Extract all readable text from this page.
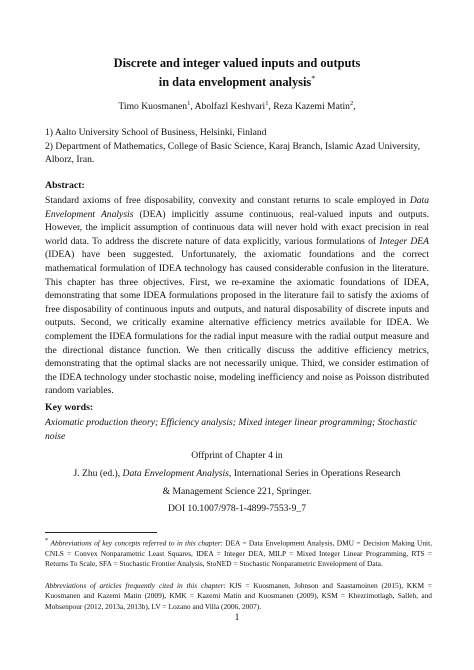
Discrete and integer valued inputs and outputs
in data envelopment analysis*
Timo Kuosmanen$^1$, Abolfazl Keshvari$^1$, Reza Kazemi Matin$^2$,
1) Aalto University School of Business, Helsinki, Finland
2) Department of Mathematics, College of Basic Science, Karaj Branch, Islamic Azad University, Alborz, Iran.
Abstract:
Standard axioms of free disposability, convexity and constant returns to scale employed in Data Envelopment Analysis (DEA) implicitly assume continuous, real-valued inputs and outputs. However, the implicit assumption of continuous data will never hold with exact precision in real world data. To address the discrete nature of data explicitly, various formulations of Integer DEA (IDEA) have been suggested. Unfortunately, the axiomatic foundations and the correct mathematical formulation of IDEA technology has caused considerable confusion in the literature. This chapter has three objectives. First, we re-examine the axiomatic foundations of IDEA, demonstrating that some IDEA formulations proposed in the literature fail to satisfy the axioms of free disposability of continuous inputs and outputs, and natural disposability of discrete inputs and outputs. Second, we critically examine alternative efficiency metrics available for IDEA. We complement the IDEA formulations for the radial input measure with the radial output measure and the directional distance function. We then critically discuss the additive efficiency metrics, demonstrating that the optimal slacks are not necessarily unique. Third, we consider estimation of the IDEA technology under stochastic noise, modeling inefficiency and noise as Poisson distributed random variables.
Key words:
Axiomatic production theory; Efficiency analysis; Mixed integer linear programming; Stochastic noise
Offprint of Chapter 4 in
J. Zhu (ed.), Data Envelopment Analysis, International Series in Operations Research
& Management Science 221, Springer.
DOI 10.1007/978-1-4899-7553-9_7
* Abbreviations of key concepts referred to in this chapter: DEA = Data Envelopment Analysis, DMU = Decision Making Unit, CNLS = Convex Nonparametric Least Squares, IDEA = Integer DEA, MILP = Mixed Integer Linear Programming, RTS = Returns To Scale, SFA = Stochastic Frontier Analysis, StoNED = Stochastic Nonparametric Envelopment of Data.
Abbreviations of articles frequently cited in this chapter: KJS = Kuosmanen, Johnson and Saastamoinen (2015), KKM = Kuosmanen and Kazemi Matin (2009), KMK = Kazemi Matin and Kuosmanen (2009), KSM = Khezrimotlagh, Salleh, and Mohsenpour (2012, 2013a, 2013b), LV = Lozano and Villa (2006, 2007).
1
